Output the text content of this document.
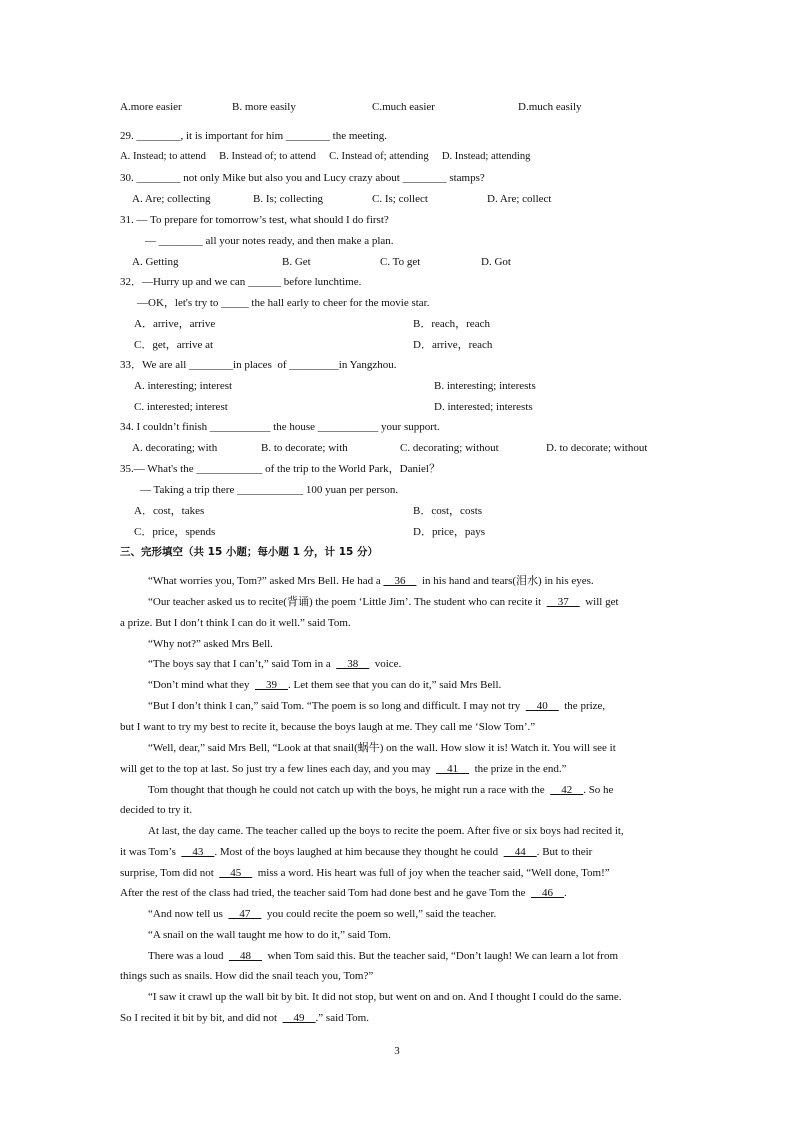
A.more easier	B. more easily	C.much easier	D.much easily
29. ________, it is important for him ________ the meeting.
A. Instead; to attend     B. Instead of; to attend     C. Instead of; attending     D. Instead; attending
30. ________ not only Mike but also you and Lucy crazy about ________ stamps?
A. Are; collecting	B. Is; collecting	C. Is; collect	D. Are; collect
31. — To prepare for tomorrow’s test, what should I do first?
— ________ all your notes ready, and then make a plan.
A. Getting	B. Get	C. To get	D. Got
32．—Hurry up and we can ______ before lunchtime.
—OK，let's try to _____ the hall early to cheer for the movie star.
A．arrive，arrive	B．reach，reach
C．get，arrive at	D．arrive，reach
33．We are all ________in places  of _________in Yangzhou.
A. interesting; interest	B. interesting; interests
C. interested; interest	D. interested; interests
34. I couldn’t finish ___________ the house ___________ your support.
A. decorating; with	B. to decorate; with	C. decorating; without	D. to decorate; without
35.— What's the ____________ of the trip to the World Park，Daniel？
— Taking a trip there ____________ 100 yuan per person.
A．cost，takes	B．cost，costs
C．price，spends	D．price，pays
三、完形填空（共 15 小题；每小题 1 分，计 15 分）
“What worries you, Tom?” asked Mrs Bell. He had a     36      in his hand and tears(泪水) in his eyes.
“Our teacher asked us to recite(背诵) the poem ‘Little Jim’. The student who can recite it      37      will get
a prize. But I don’t think I can do it well.” said Tom.
“Why not?” asked Mrs Bell.
“The boys say that I can’t,” said Tom in a      38      voice.
“Don’t mind what they      39    . Let them see that you can do it,” said Mrs Bell.
“But I don’t think I can,” said Tom. “The poem is so long and difficult. I may not try      40      the prize,
but I want to try my best to recite it, because the boys laugh at me. They call me ‘Slow Tom’.”
“Well, dear,” said Mrs Bell, “Look at that snail(蜗牛) on the wall. How slow it is! Watch it. You will see it
will get to the top at last. So just try a few lines each day, and you may      41      the prize in the end.”
Tom thought that though he could not catch up with the boys, he might run a race with the      42    . So he
decided to try it.
At last, the day came. The teacher called up the boys to recite the poem. After five or six boys had recited it,
it was Tom’s      43    . Most of the boys laughed at him because they thought he could      44    . But to their
surprise, Tom did not      45      miss a word. His heart was full of joy when the teacher said, “Well done, Tom!”
After the rest of the class had tried, the teacher said Tom had done best and he gave Tom the      46    .
“And now tell us      47      you could recite the poem so well,” said the teacher.
“A snail on the wall taught me how to do it,” said Tom.
There was a loud      48      when Tom said this. But the teacher said, “Don’t laugh! We can learn a lot from
things such as snails. How did the snail teach you, Tom?”
“I saw it crawl up the wall bit by bit. It did not stop, but went on and on. And I thought I could do the same.
So I recited it bit by bit, and did not      49    .” said Tom.
3
